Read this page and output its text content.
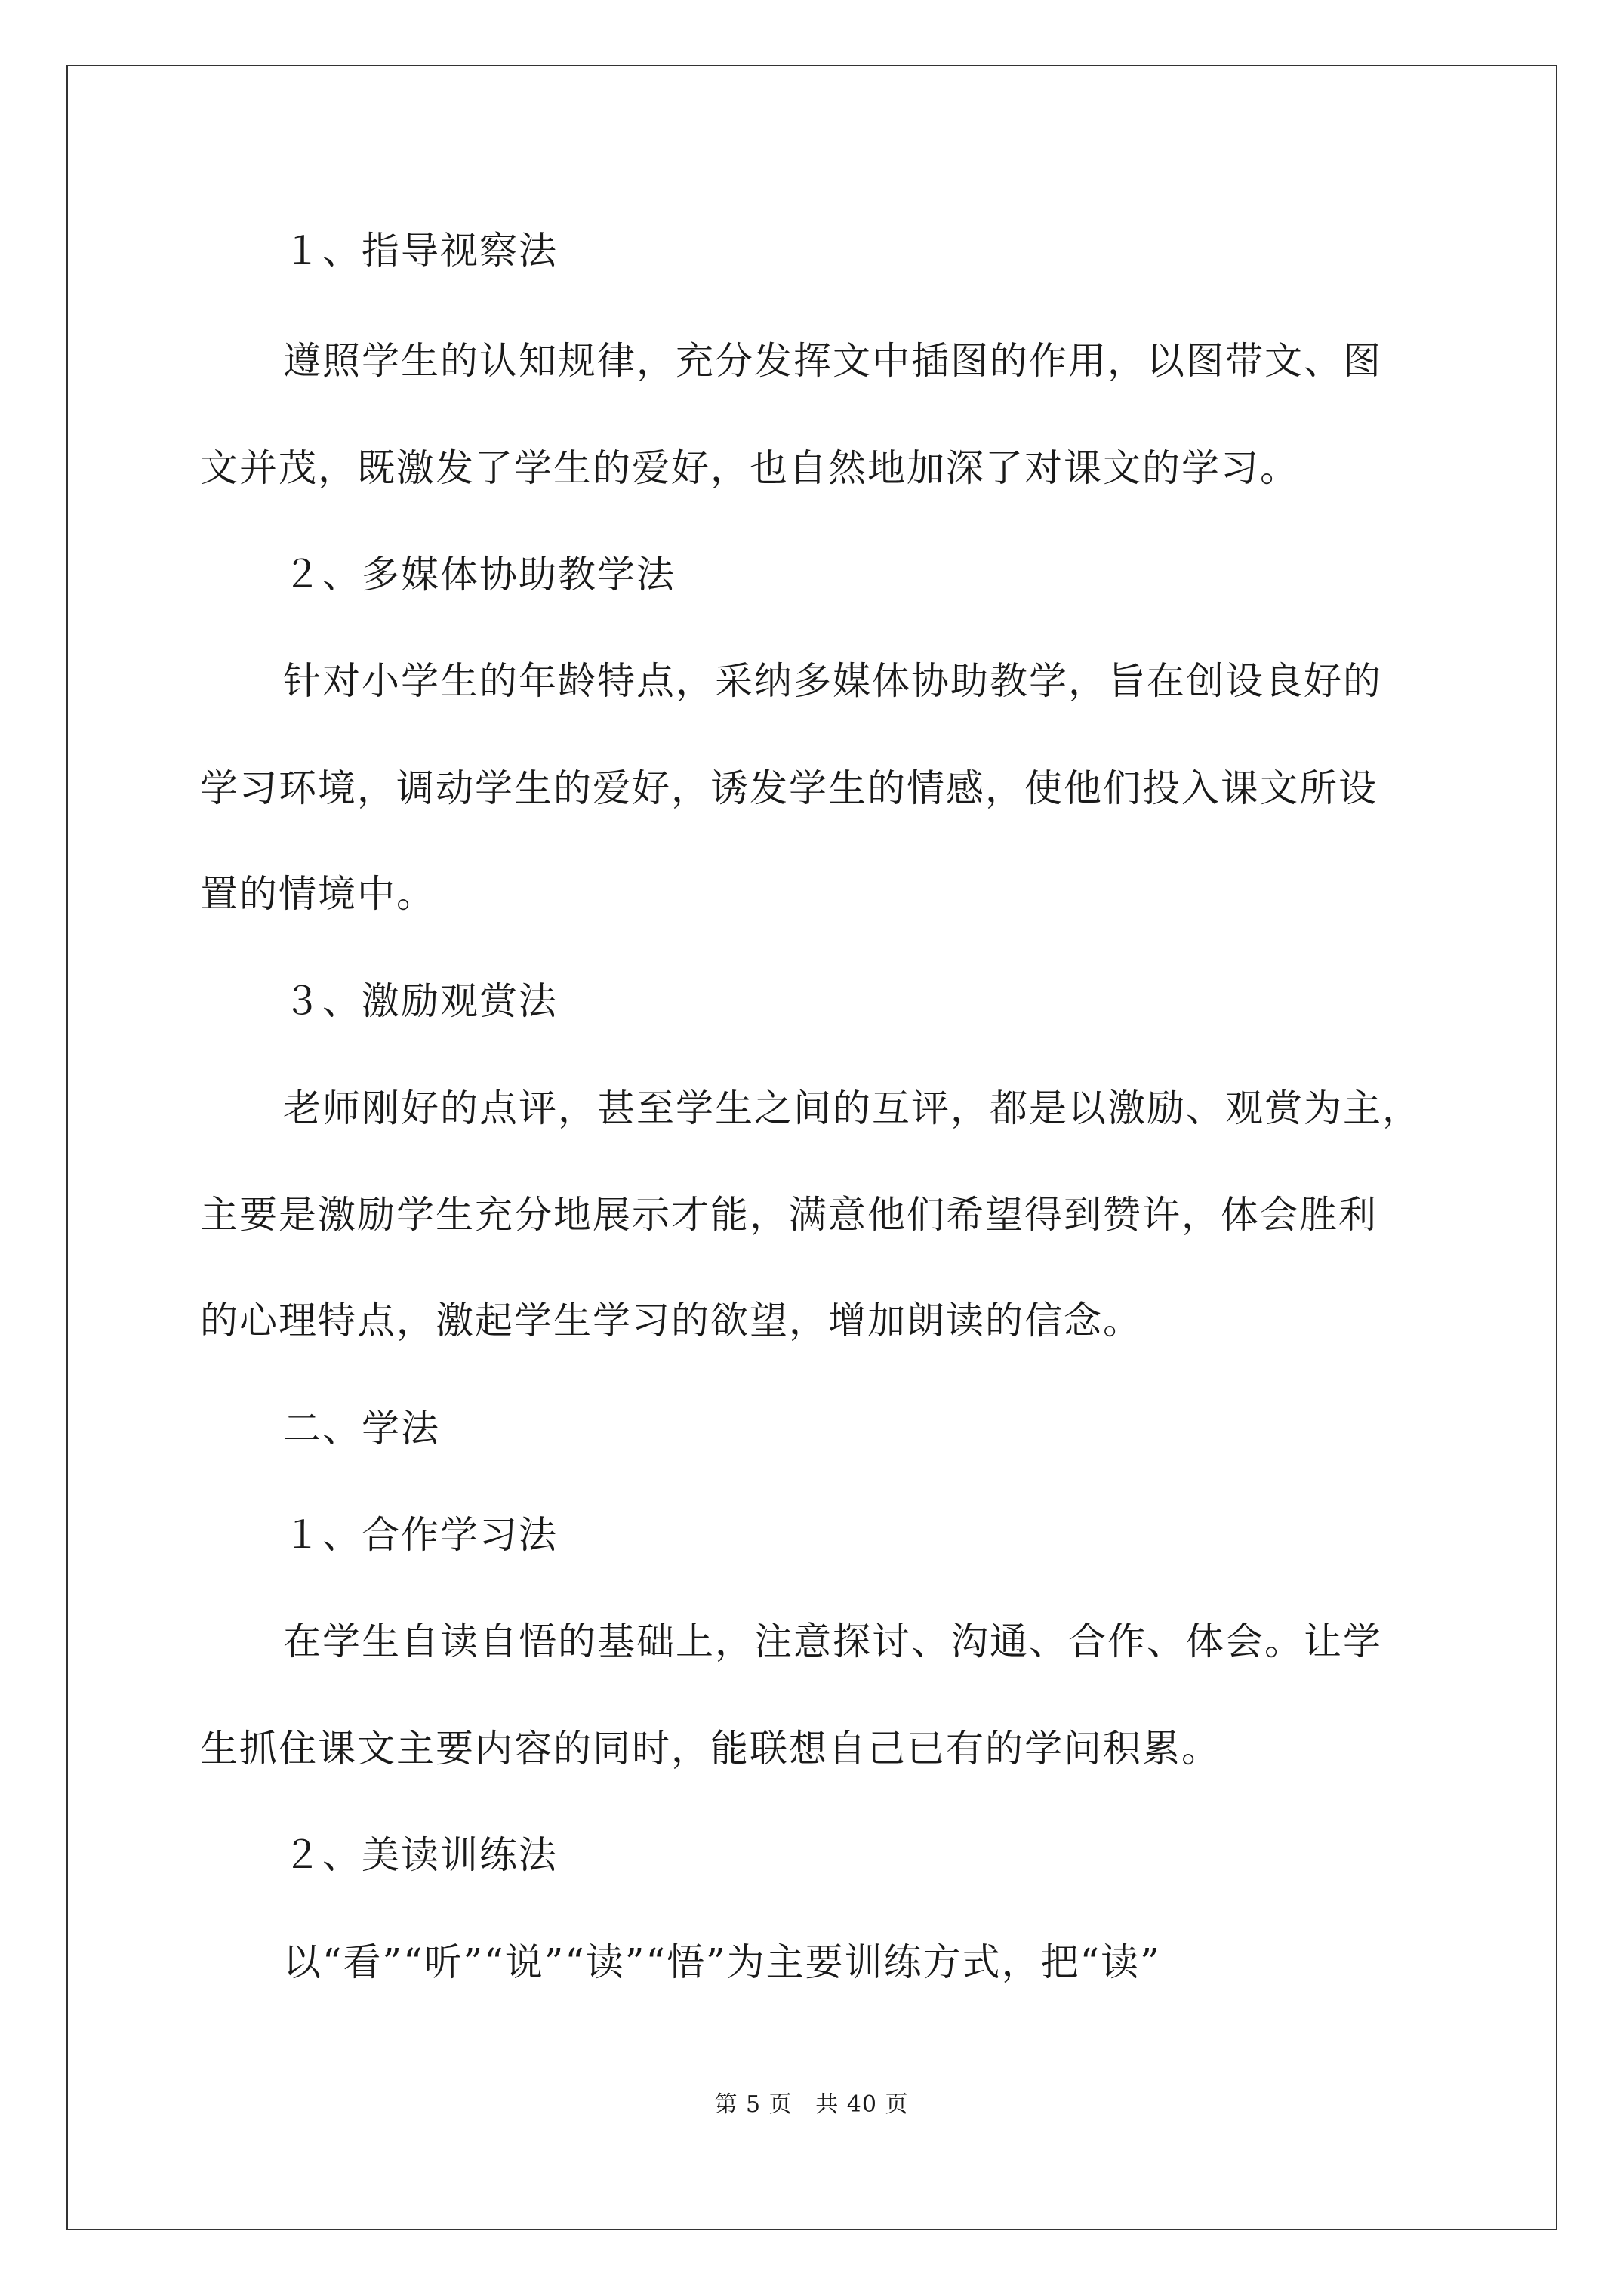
１、指导视察法
遵照学生的认知规律，充分发挥文中插图的作用，以图带文、图
文并茂，既激发了学生的爱好，也自然地加深了对课文的学习。
２、多媒体协助教学法
针对小学生的年龄特点，采纳多媒体协助教学，旨在创设良好的
学习环境，调动学生的爱好，诱发学生的情感，使他们投入课文所设
置的情境中。
３、激励观赏法
老师刚好的点评，甚至学生之间的互评，都是以激励、观赏为主，
主要是激励学生充分地展示才能，满意他们希望得到赞许，体会胜利
的心理特点，激起学生学习的欲望，增加朗读的信念。
二、学法
１、合作学习法
在学生自读自悟的基础上，注意探讨、沟通、合作、体会。让学
生抓住课文主要内容的同时，能联想自己已有的学问积累。
２、美读训练法
以“看”“听”“说”“读”“悟”为主要训练方式，把“读”
第 5 页 共 40 页
